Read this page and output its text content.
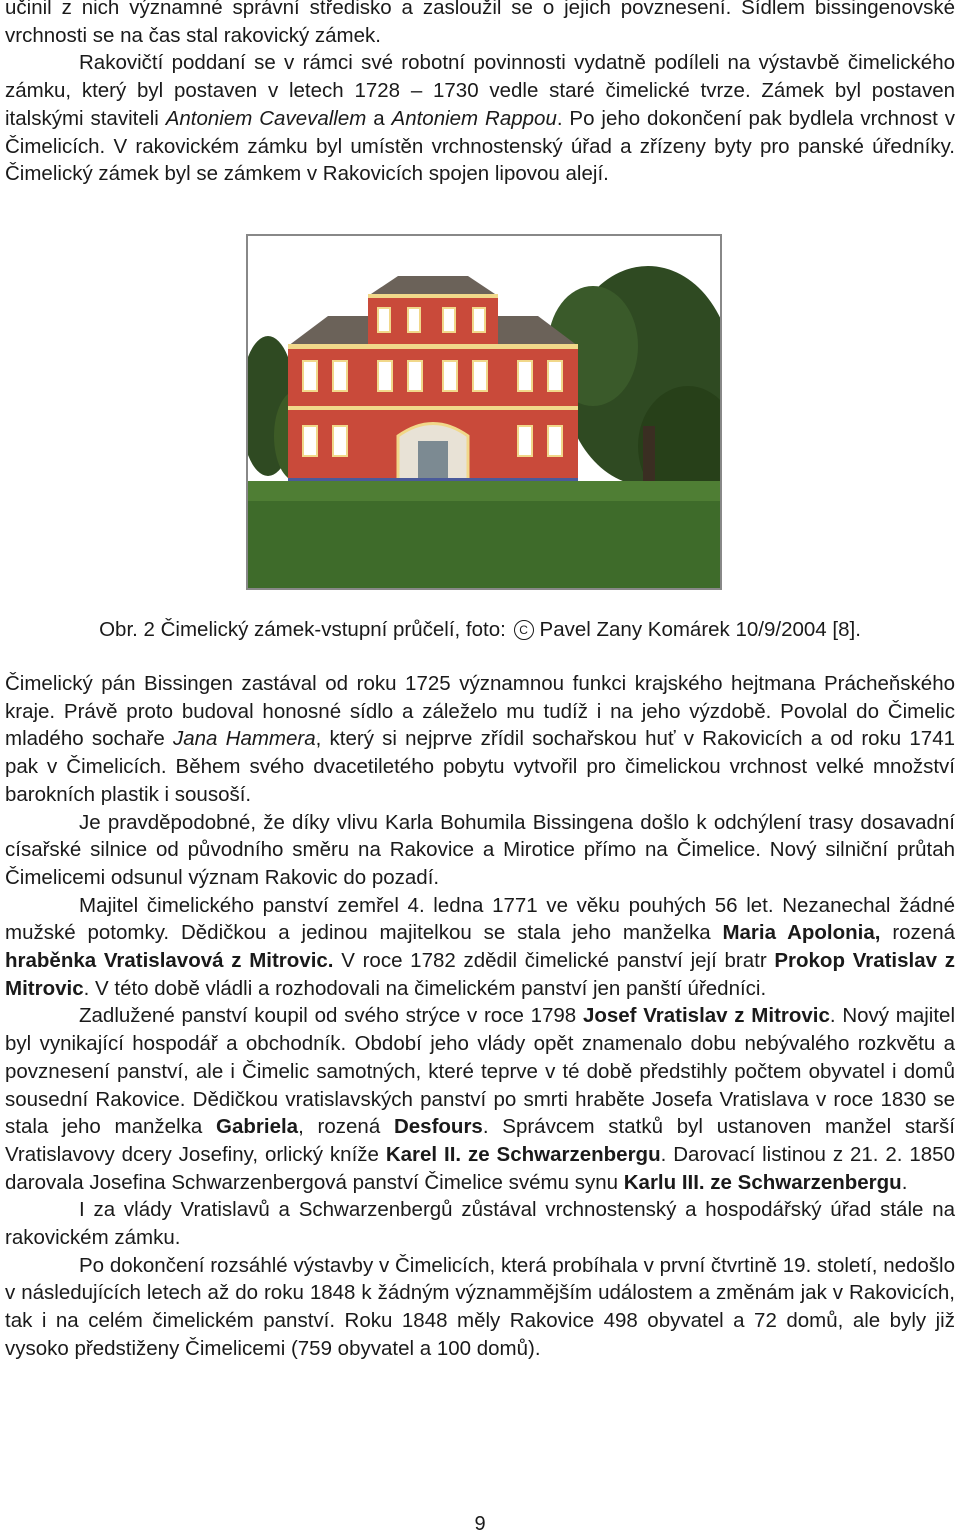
učinil z nich významné správní středisko a zasloužil se o jejich povznesení. Sídlem bissingenovské vrchnosti se na čas stal rakovický zámek.

Rakovičtí poddaní se v rámci své robotní povinnosti vydatně podíleli na výstavbě čimelického zámku, který byl postaven v letech 1728 – 1730 vedle staré čimelické tvrze. Zámek byl postaven italskými staviteli Antoniem Cavevallem a Antoniem Rappou. Po jeho dokončení pak bydlela vrchnost v Čimelicích. V rakovickém zámku byl umístěn vrchnostenský úřad a zřízeny byty pro panské úředníky. Čimelický zámek byl se zámkem v Rakovicích spojen lipovou alejí.

Obr. 2 Čimelický zámek-vstupní průčelí, foto: C Pavel Zany Komárek 10/9/2004 [8].

Čimelický pán Bissingen zastával od roku 1725 významnou funkci krajského hejtmana Prácheňského kraje. Právě proto budoval honosné sídlo a záleželo mu tudíž i na jeho výzdobě. Povolal do Čimelic mladého sochaře Jana Hammera, který si nejprve zřídil sochařskou huť v Rakovicích a od roku 1741 pak v Čimelicích. Během svého dvacetiletého pobytu vytvořil pro čimelickou vrchnost velké množství barokních plastik i sousoší.

Je pravděpodobné, že díky vlivu Karla Bohumila Bissingena došlo k odchýlení trasy dosavadní císařské silnice od původního směru na Rakovice a Mirotice přímo na Čimelice. Nový silniční průtah Čimelicemi odsunul význam Rakovic do pozadí.

Majitel čimelického panství zemřel 4. ledna 1771 ve věku pouhých 56 let. Nezanechal žádné mužské potomky. Dědičkou a jedinou majitelkou se stala jeho manželka Maria Apolonia, rozená hraběnka Vratislavová z Mitrovic. V roce 1782 zdědil čimelické panství její bratr Prokop Vratislav z Mitrovic. V této době vládli a rozhodovali na čimelickém panství jen panští úředníci.

Zadlužené panství koupil od svého strýce v roce 1798 Josef Vratislav z Mitrovic. Nový majitel byl vynikající hospodář a obchodník. Období jeho vlády opět znamenalo dobu nebývalého rozkvětu a povznesení panství, ale i Čimelic samotných, které teprve v té době předstihly počtem obyvatel i domů sousední Rakovice. Dědičkou vratislavských panství po smrti hraběte Josefa Vratislava v roce 1830 se stala jeho manželka Gabriela, rozená Desfours. Správcem statků byl ustanoven manžel starší Vratislavovy dcery Josefiny, orlický kníže Karel II. ze Schwarzenbergu. Darovací listinou z 21. 2. 1850 darovala Josefina Schwarzenbergová panství Čimelice svému synu Karlu III. ze Schwarzenbergu.

I za vlády Vratislavů a Schwarzenbergů zůstával vrchnostenský a hospodářský úřad stále na rakovickém zámku.

Po dokončení rozsáhlé výstavby v Čimelicích, která probíhala v první čtvrtině 19. století, nedošlo v následujících letech až do roku 1848 k žádným význammějším událostem a změnám jak v Rakovicích, tak i na celém čimelickém panství. Roku 1848 měly Rakovice 498 obyvatel a 72 domů, ale byly již vysoko předstiženy Čimelicemi (759 obyvatel a 100 domů).

9
